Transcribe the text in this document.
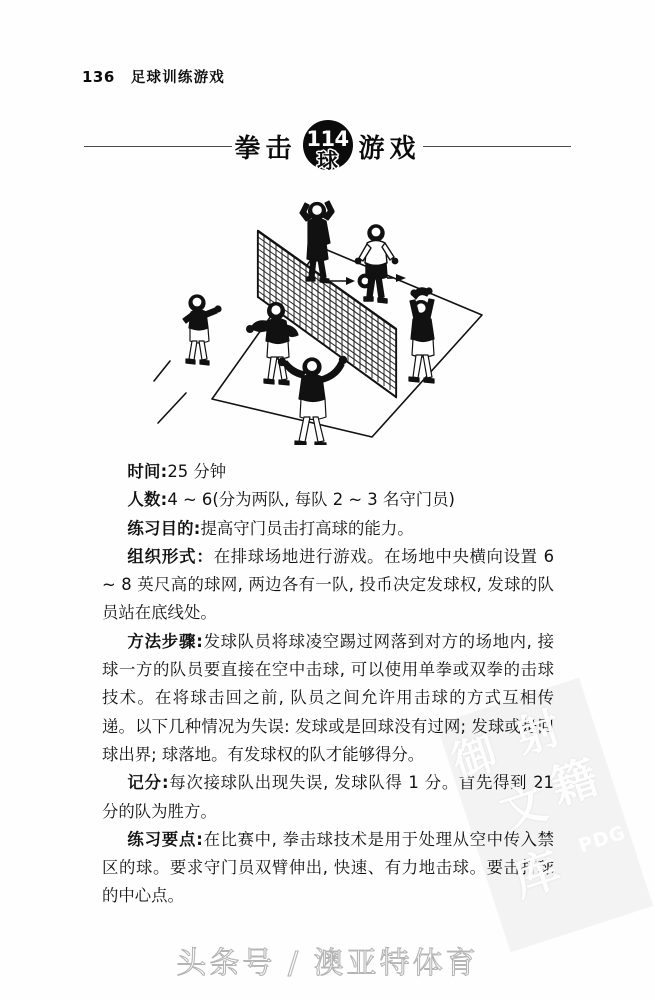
136 足球训练游戏
拳击 114
球 游戏

时间:25 分钟

人数:4 ~ 6(分为两队, 每队 2 ~ 3 名守门员)

练习目的:提高守门员击打高球的能力。

组织形式：在排球场地进行游戏。在场地中央横向设置 6 ~ 8 英尺高的球网, 两边各有一队, 投币决定发球权, 发球的队员站在底线处。

方法步骤:发球队员将球凌空踢过网落到对方的场地内, 接球一方的队员要直接在空中击球, 可以使用单拳或双拳的击球技术。在将球击回之前, 队员之间允许用击球的方式互相传递。以下几种情况为失误: 发球或是回球没有过网; 发球或是回球出界; 球落地。有发球权的队才能够得分。

记分:每次接球队出现失误, 发球队得 1 分。首先得到 21 分的队为胜方。

练习要点:在比赛中, 拳击球技术是用于处理从空中传入禁区的球。要求守门员双臂伸出, 快速、有力地击球。要击打球的中心点。

御 射
文
籍
库
PDG
头条号 / 澳亚特体育
